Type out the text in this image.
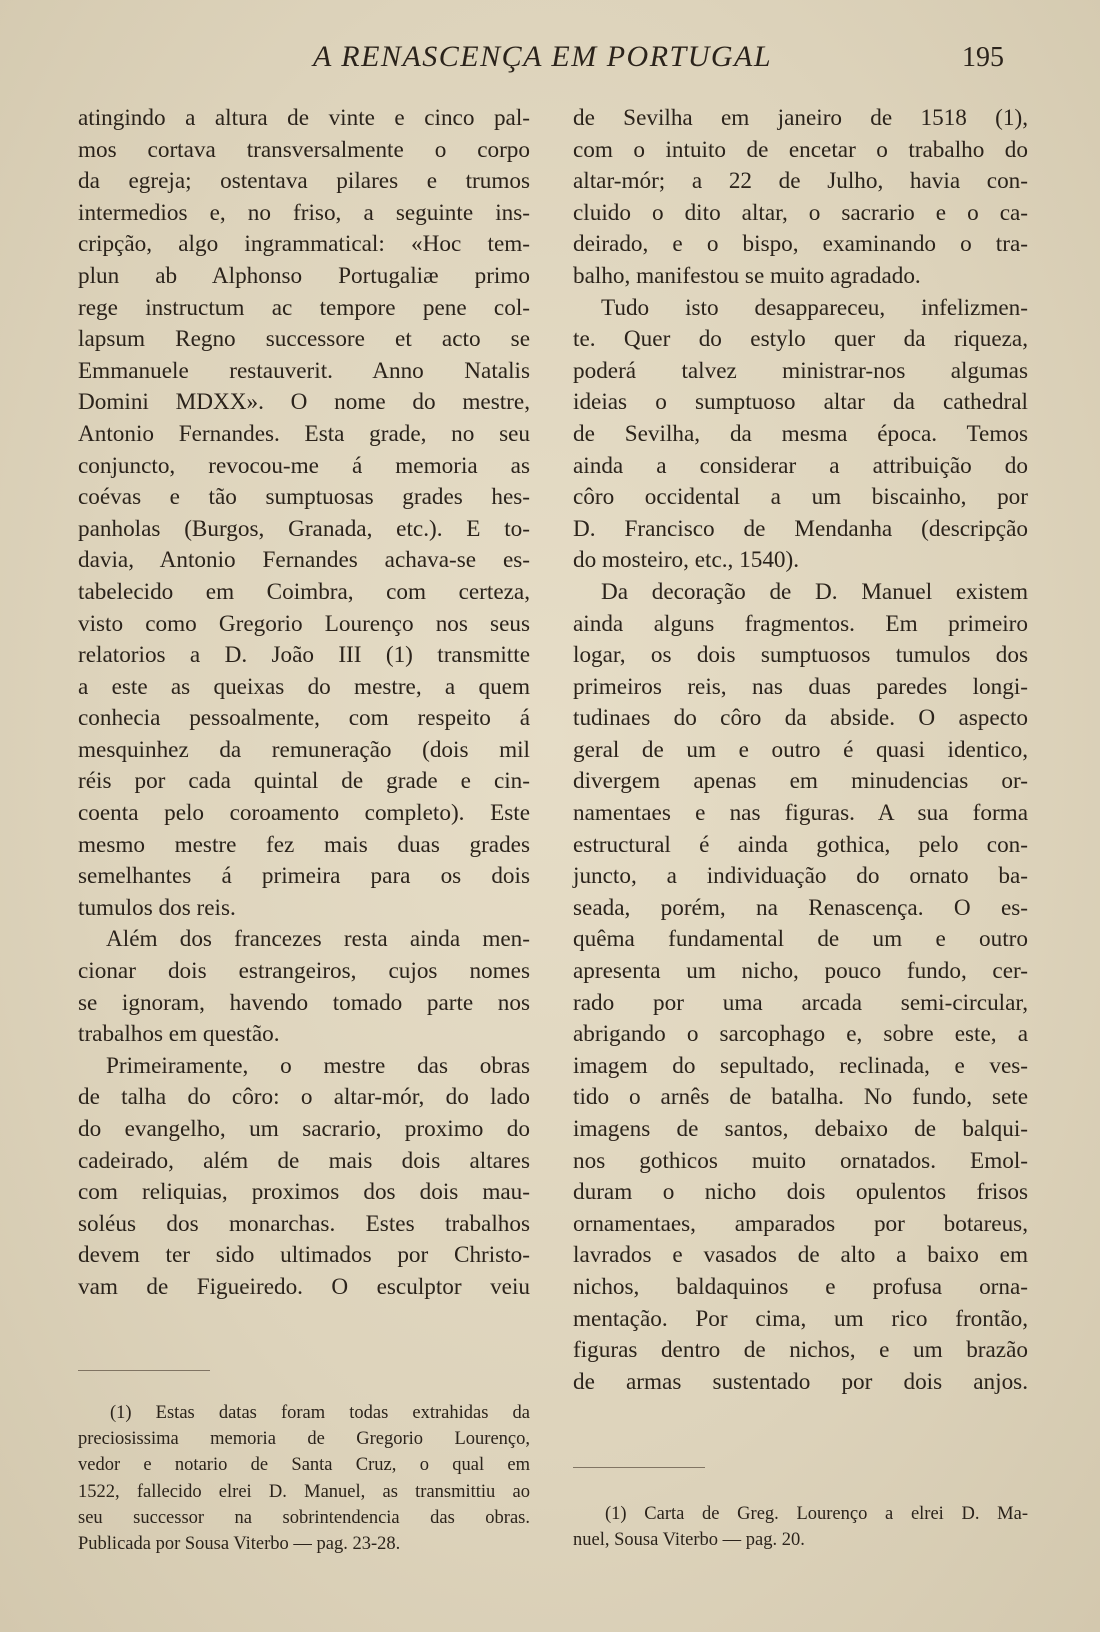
A RENASCENÇA EM PORTUGAL	195
atingindo a altura de vinte e cinco pal-
mos cortava transversalmente o corpo
da egreja; ostentava pilares e trumos
intermedios e, no friso, a seguinte ins-
cripção, algo ingrammatical: «Hoc tem-
plun ab Alphonso Portugaliæ primo
rege instructum ac tempore pene col-
lapsum Regno successore et acto se
Emmanuele restauverit. Anno Natalis
Domini MDXX». O nome do mestre,
Antonio Fernandes. Esta grade, no seu
conjuncto, revocou-me á memoria as
coévas e tão sumptuosas grades hes-
panholas (Burgos, Granada, etc.). E to-
davia, Antonio Fernandes achava-se es-
tabelecido em Coimbra, com certeza,
visto como Gregorio Lourenço nos seus
relatorios a D. João III (1) transmitte
a este as queixas do mestre, a quem
conhecia pessoalmente, com respeito á
mesquinhez da remuneração (dois mil
réis por cada quintal de grade e cin-
coenta pelo coroamento completo). Este
mesmo mestre fez mais duas grades
semelhantes á primeira para os dois
tumulos dos reis.
Além dos francezes resta ainda men-
cionar dois estrangeiros, cujos nomes
se ignoram, havendo tomado parte nos
trabalhos em questão.
Primeiramente, o mestre das obras
de talha do côro: o altar-mór, do lado
do evangelho, um sacrario, proximo do
cadeirado, além de mais dois altares
com reliquias, proximos dos dois mau-
soléus dos monarchas. Estes trabalhos
devem ter sido ultimados por Christo-
vam de Figueiredo. O esculptor veiu
(1) Estas datas foram todas extrahidas da
preciosissima memoria de Gregorio Lourenço,
vedor e notario de Santa Cruz, o qual em
1522, fallecido elrei D. Manuel, as transmittiu ao
seu successor na sobrintendencia das obras.
Publicada por Sousa Viterbo — pag. 23-28.
de Sevilha em janeiro de 1518 (1),
com o intuito de encetar o trabalho do
altar-mór; a 22 de Julho, havia con-
cluido o dito altar, o sacrario e o ca-
deirado, e o bispo, examinando o tra-
balho, manifestou se muito agradado.
Tudo isto desappareceu, infelizmen-
te. Quer do estylo quer da riqueza,
poderá talvez ministrar-nos algumas
ideias o sumptuoso altar da cathedral
de Sevilha, da mesma época. Temos
ainda a considerar a attribuição do
côro occidental a um biscainho, por
D. Francisco de Mendanha (descripção
do mosteiro, etc., 1540).
Da decoração de D. Manuel existem
ainda alguns fragmentos. Em primeiro
logar, os dois sumptuosos tumulos dos
primeiros reis, nas duas paredes longi-
tudinaes do côro da abside. O aspecto
geral de um e outro é quasi identico,
divergem apenas em minudencias or-
namentaes e nas figuras. A sua forma
estructural é ainda gothica, pelo con-
juncto, a individuação do ornato ba-
seada, porém, na Renascença. O es-
quêma fundamental de um e outro
apresenta um nicho, pouco fundo, cer-
rado por uma arcada semi-circular,
abrigando o sarcophago e, sobre este, a
imagem do sepultado, reclinada, e ves-
tido o arnês de batalha. No fundo, sete
imagens de santos, debaixo de balqui-
nos gothicos muito ornatados. Emol-
duram o nicho dois opulentos frisos
ornamentaes, amparados por botareus,
lavrados e vasados de alto a baixo em
nichos, baldaquinos e profusa orna-
mentação. Por cima, um rico frontão,
figuras dentro de nichos, e um brazão
de armas sustentado por dois anjos.
(1) Carta de Greg. Lourenço a elrei D. Ma-
nuel, Sousa Viterbo — pag. 20.
